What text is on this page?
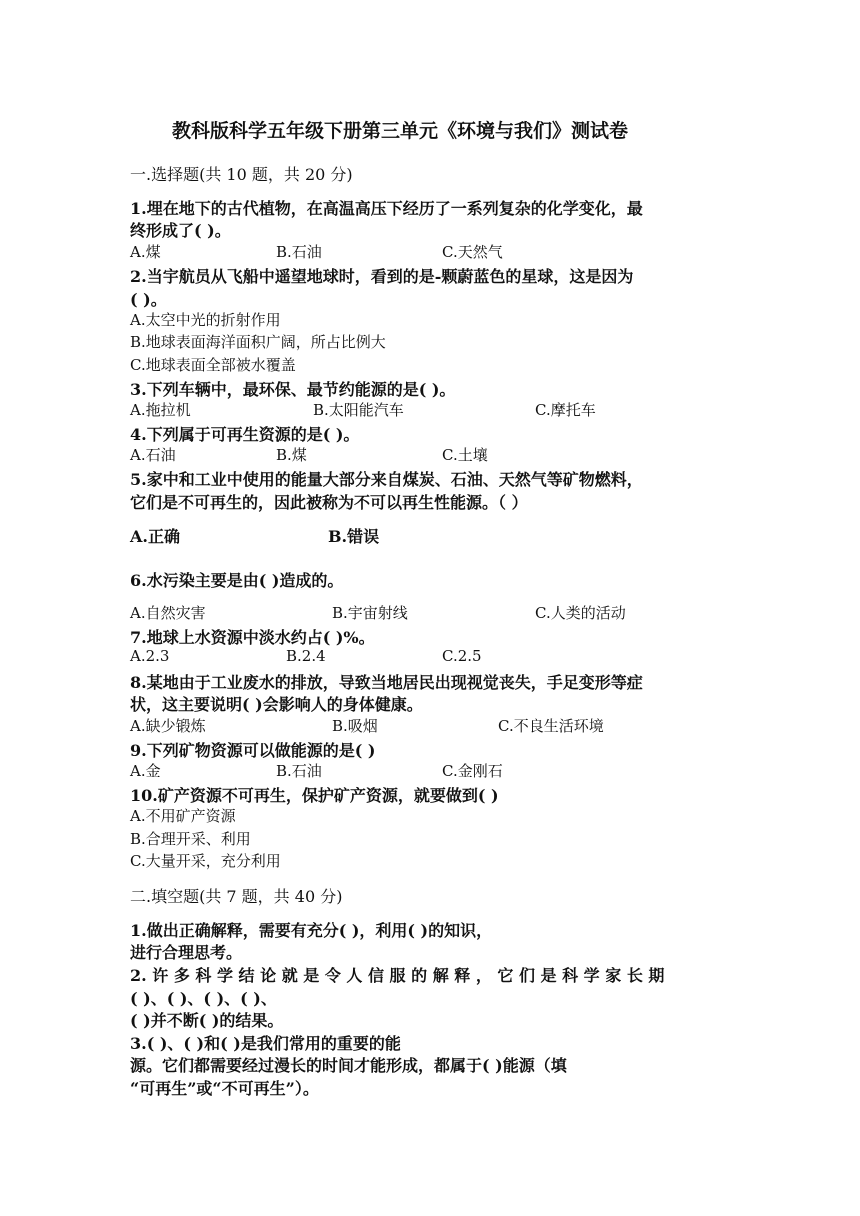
教科版科学五年级下册第三单元《环境与我们》测试卷
一.选择题(共 10 题，共 20 分)
1.埋在地下的古代植物，在高温高压下经历了一系列复杂的化学变化，最
终形成了( )。
A.煤	B.石油	C.天然气
2.当宇航员从飞船中遥望地球时，看到的是-颗蔚蓝色的星球，这是因为
( )。
A.太空中光的折射作用
B.地球表面海洋面积广阔，所占比例大
C.地球表面全部被水覆盖
3.下列车辆中，最环保、最节约能源的是( )。
A.拖拉机	B.太阳能汽车	C.摩托车
4.下列属于可再生资源的是( )。
A.石油	B.煤	C.土壤
5.家中和工业中使用的能量大部分来自煤炭、石油、天然气等矿物燃料，
它们是不可再生的，因此被称为不可以再生性能源。（ ）
A.正确	B.错误
6.水污染主要是由( )造成的。
A.自然灾害	B.宇宙射线	C.人类的活动
7.地球上水资源中淡水约占( )%。
A.2.3	B.2.4	C.2.5
8.某地由于工业废水的排放，导致当地居民出现视觉丧失，手足变形等症
状，这主要说明( )会影响人的身体健康。
A.缺少锻炼	B.吸烟	C.不良生活环境
9.下列矿物资源可以做能源的是( )
A.金	B.石油	C.金刚石
10.矿产资源不可再生，保护矿产资源，就要做到( )
A.不用矿产资源
B.合理开采、利用
C.大量开采，充分利用
二.填空题(共 7 题，共 40 分)
1.做出正确解释，需要有充分( )，利用( )的知识，
进行合理思考。
2. 许 多 科 学 结 论 就 是 令 人 信 服 的 解 释 ， 它 们 是 科 学 家 长 期
( )、( )、( )、( )、
( )并不断( )的结果。
3.( )、( )和( )是我们常用的重要的能
源。它们都需要经过漫长的时间才能形成，都属于( )能源（填
“可再生”或“不可再生”）。
